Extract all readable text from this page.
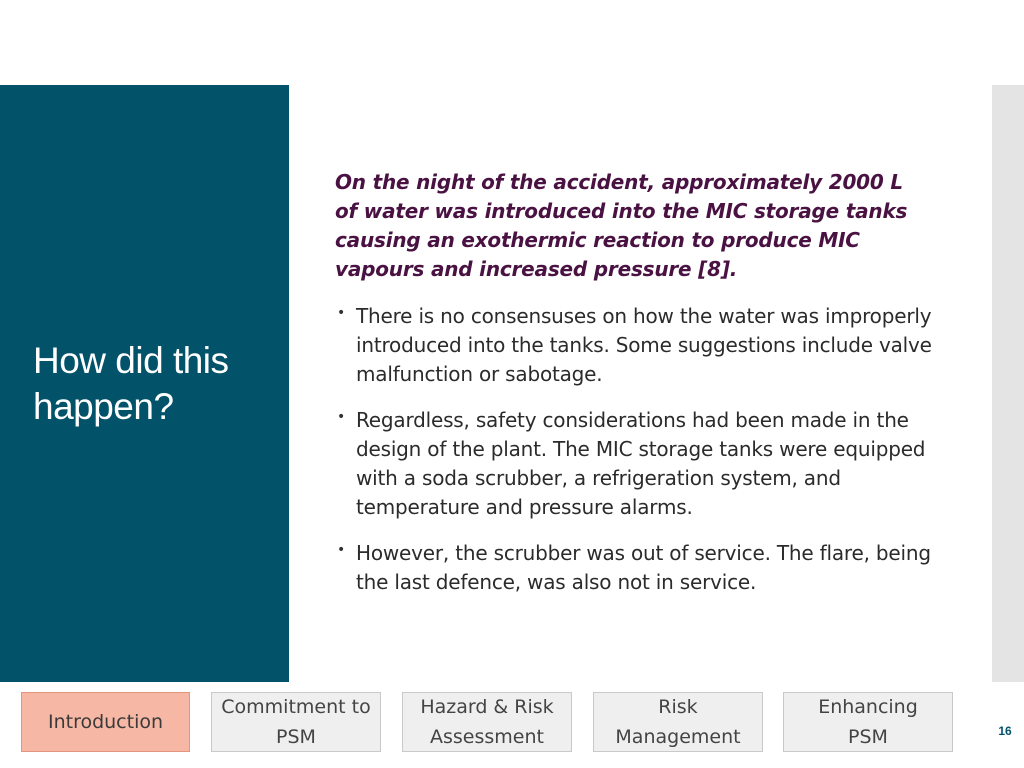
How did this happen?

On the night of the accident, approximately 2000 L of water was introduced into the MIC storage tanks causing an exothermic reaction to produce MIC vapours and increased pressure [8].

• There is no consensuses on how the water was improperly introduced into the tanks. Some suggestions include valve malfunction or sabotage.
• Regardless, safety considerations had been made in the design of the plant. The MIC storage tanks were equipped with a soda scrubber, a refrigeration system, and temperature and pressure alarms.
• However, the scrubber was out of service. The flare, being the last defence, was also not in service.
Introduction
Commitment to PSM
Hazard & Risk Assessment
Risk Management
Enhancing PSM	16
